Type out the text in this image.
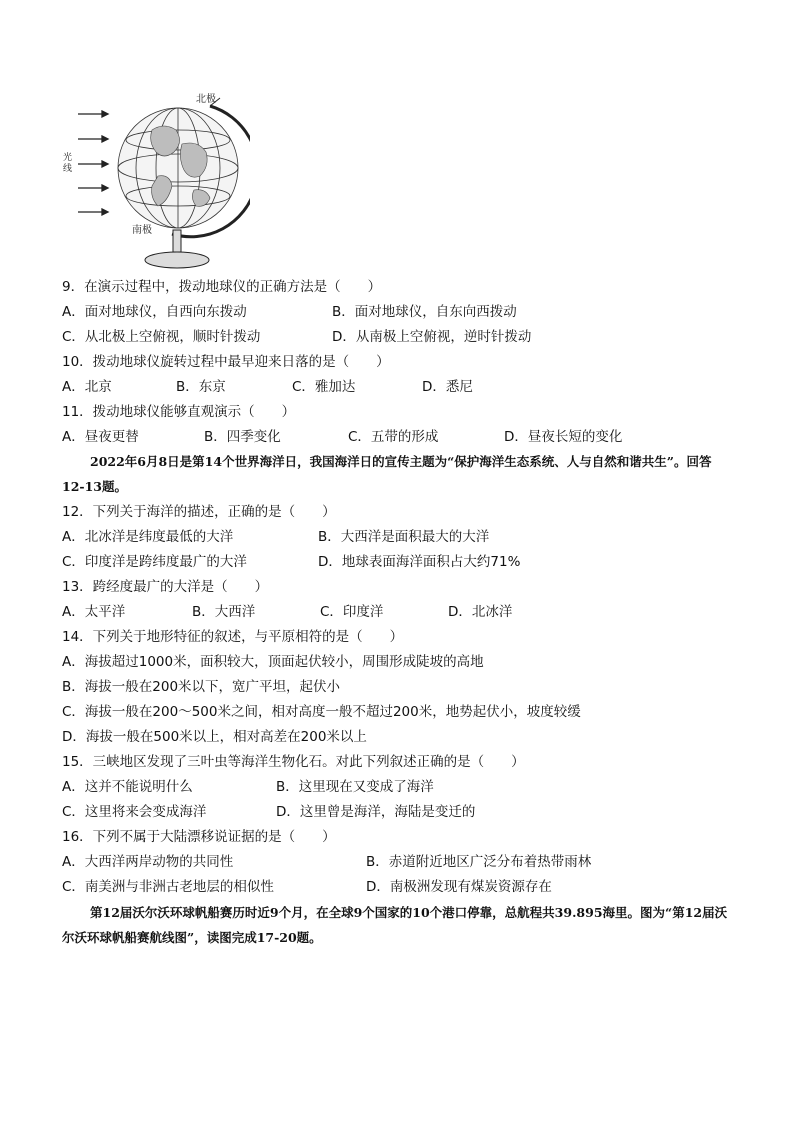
光
线
北极
南极
9．在演示过程中，拨动地球仪的正确方法是（　　）
A．面对地球仪，自西向东拨动	B．面对地球仪，自东向西拨动
C．从北极上空俯视，顺时针拨动	D．从南极上空俯视，逆时针拨动
10．拨动地球仪旋转过程中最早迎来日落的是（　　）
A．北京	B．东京	C．雅加达	D．悉尼
11．拨动地球仪能够直观演示（　　）
A．昼夜更替	B．四季变化	C．五带的形成	D．昼夜长短的变化
2022年6月8日是第14个世界海洋日，我国海洋日的宣传主题为“保护海洋生态系统、人与自然和谐共生”。回答12-13题。
12．下列关于海洋的描述，正确的是（　　）
A．北冰洋是纬度最低的大洋	B．大西洋是面积最大的大洋
C．印度洋是跨纬度最广的大洋	D．地球表面海洋面积占大约71%
13．跨经度最广的大洋是（　　）
A．太平洋	B．大西洋	C．印度洋	D．北冰洋
14．下列关于地形特征的叙述，与平原相符的是（　　）
A．海拔超过1000米，面积较大，顶面起伏较小，周围形成陡坡的高地
B．海拔一般在200米以下，宽广平坦，起伏小
C．海拔一般在200～500米之间，相对高度一般不超过200米，地势起伏小，坡度较缓
D．海拔一般在500米以上，相对高差在200米以上
15．三峡地区发现了三叶虫等海洋生物化石。对此下列叙述正确的是（　　）
A．这并不能说明什么	B．这里现在又变成了海洋
C．这里将来会变成海洋	D．这里曾是海洋，海陆是变迁的
16．下列不属于大陆漂移说证据的是（　　）
A．大西洋两岸动物的共同性	B．赤道附近地区广泛分布着热带雨林
C．南美洲与非洲古老地层的相似性	D．南极洲发现有煤炭资源存在
第12届沃尔沃环球帆船赛历时近9个月，在全球9个国家的10个港口停靠，总航程共39.895海里。图为“第12届沃尔沃环球帆船赛航线图”，读图完成17-20题。
